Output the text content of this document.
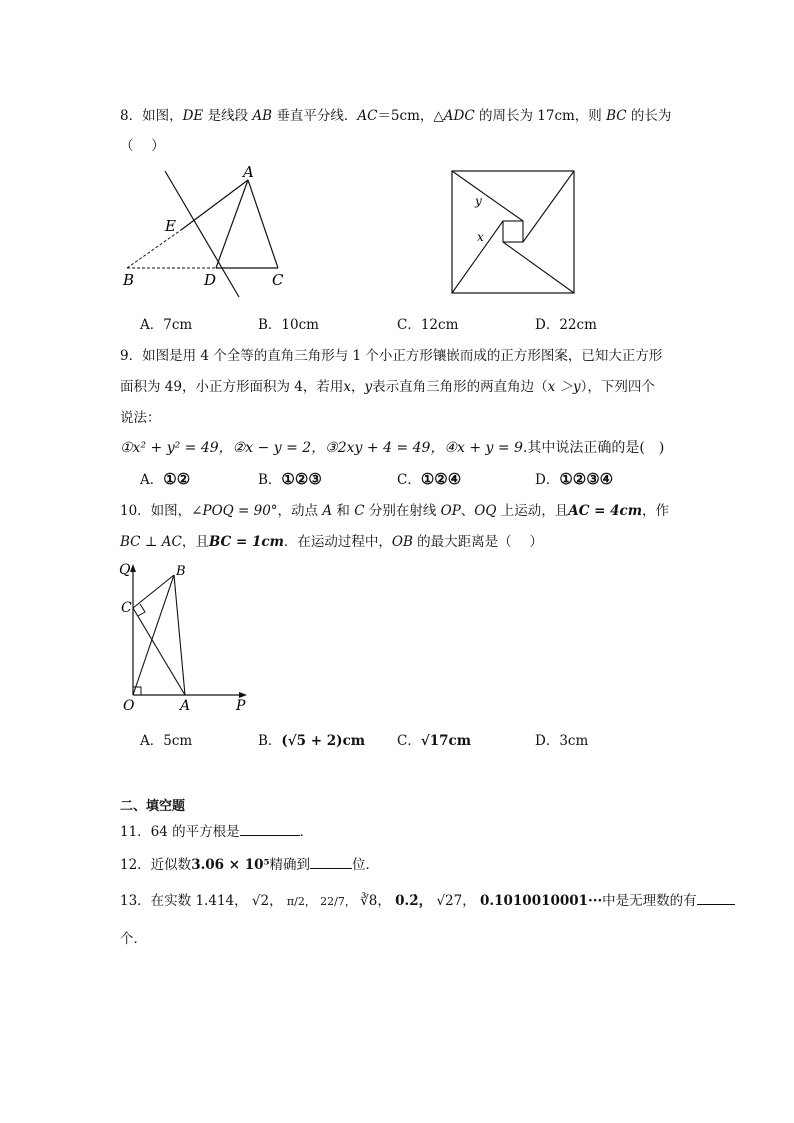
8．如图，DE 是线段 AB 垂直平分线．AC＝5cm，△ADC 的周长为 17cm，则 BC 的长为
（　 ）
A
E
B	D	C
y
x
A．7cm	B．10cm	C．12cm	D．22cm
9．如图是用 4 个全等的直角三角形与 1 个小正方形镶嵌而成的正方形图案，已知大正方形
面积为 49，小正方形面积为 4，若用x，y表示直角三角形的两直角边（x ＞y），下列四个
说法：
①x² + y² = 49，②x − y = 2，③2xy + 4 = 49，④x + y = 9.其中说法正确的是(　)
A．①②	B．①②③	C．①②④	D．①②③④
10．如图，∠POQ = 90°，动点 A 和 C 分别在射线 OP、OQ 上运动，且AC = 4cm，作
BC ⊥ AC，且BC = 1cm．在运动过程中，OB 的最大距离是（　 ）
Q	B
C
O	A	P
A．5cm	B．(√5 + 2)cm C．√17cm	D．3cm
二、填空题
11．64 的平方根是	．
12．近似数3.06 × 10⁵精确到	位．
13．在实数 1.414， √2， π/2， 22/7， ∛8， 0.2̇， √27， 0.1010010001···中是无理数的有
个．
